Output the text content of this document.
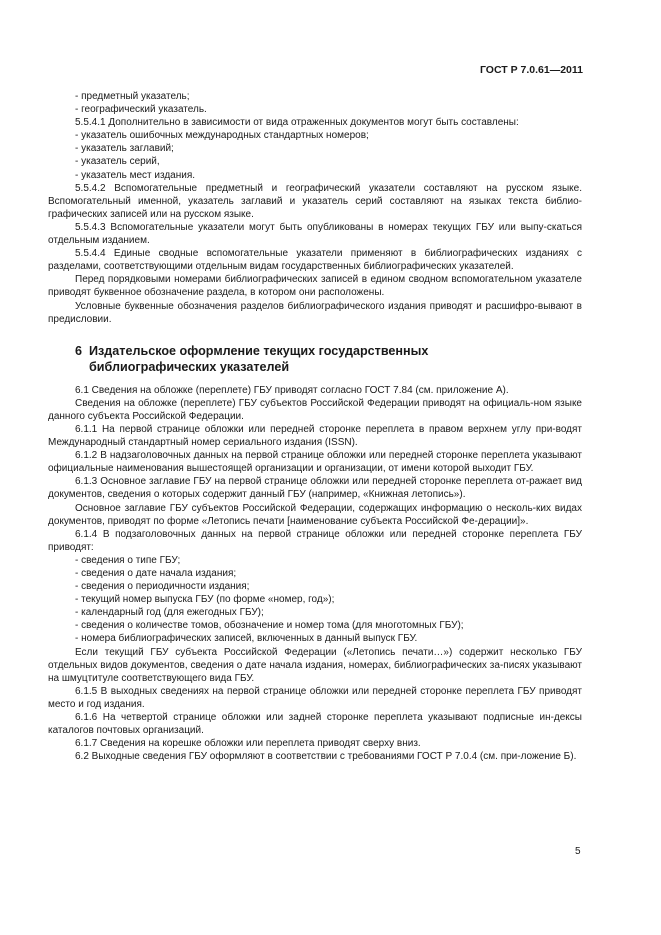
ГОСТ Р 7.0.61—2011

- предметный указатель;

- географический указатель.

5.5.4.1 Дополнительно в зависимости от вида отраженных документов могут быть составлены:

- указатель ошибочных международных стандартных номеров;

- указатель заглавий;

- указатель серий,

- указатель мест издания.

5.5.4.2 Вспомогательные предметный и географический указатели составляют на русском языке. Вспомогательный именной, указатель заглавий и указатель серий составляют на языках текста библио-графических записей или на русском языке.

5.5.4.3 Вспомогательные указатели могут быть опубликованы в номерах текущих ГБУ или выпу-скаться отдельным изданием.

5.5.4.4 Единые сводные вспомогательные указатели применяют в библиографических изданиях с разделами, соответствующими отдельным видам государственных библиографических указателей.

Перед порядковыми номерами библиографических записей в едином сводном вспомогательном указателе приводят буквенное обозначение раздела, в котором они расположены.

Условные буквенные обозначения разделов библиографического издания приводят и расшифро-вывают в предисловии.

6 Издательское оформление текущих государственных
библиографических указателей

6.1 Сведения на обложке (переплете) ГБУ приводят согласно ГОСТ 7.84 (см. приложение А).

Сведения на обложке (переплете) ГБУ субъектов Российской Федерации приводят на официаль-ном языке данного субъекта Российской Федерации.

6.1.1 На первой странице обложки или передней сторонке переплета в правом верхнем углу при-водят Международный стандартный номер сериального издания (ISSN).

6.1.2 В надзаголовочных данных на первой странице обложки или передней сторонке переплета указывают официальные наименования вышестоящей организации и организации, от имени которой выходит ГБУ.

6.1.3 Основное заглавие ГБУ на первой странице обложки или передней сторонке переплета от-ражает вид документов, сведения о которых содержит данный ГБУ (например, «Книжная летопись»).

Основное заглавие ГБУ субъектов Российской Федерации, содержащих информацию о несколь-ких видах документов, приводят по форме «Летопись печати [наименование субъекта Российской Фе-дерации]».

6.1.4 В подзаголовочных данных на первой странице обложки или передней сторонке переплета ГБУ приводят:

- сведения о типе ГБУ;

- сведения о дате начала издания;

- сведения о периодичности издания;

- текущий номер выпуска ГБУ (по форме «номер, год»);

- календарный год (для ежегодных ГБУ);

- сведения о количестве томов, обозначение и номер тома (для многотомных ГБУ);

- номера библиографических записей, включенных в данный выпуск ГБУ.

Если текущий ГБУ субъекта Российской Федерации («Летопись печати…») содержит несколько ГБУ отдельных видов документов, сведения о дате начала издания, номерах, библиографических за-писях указывают на шмуцтитуле соответствующего вида ГБУ.

6.1.5 В выходных сведениях на первой странице обложки или передней сторонке переплета ГБУ приводят место и год издания.

6.1.6 На четвертой странице обложки или задней сторонке переплета указывают подписные ин-дексы каталогов почтовых организаций.

6.1.7 Сведения на корешке обложки или переплета приводят сверху вниз.

6.2 Выходные сведения ГБУ оформляют в соответствии с требованиями ГОСТ Р 7.0.4 (см. при-ложение Б).

5
